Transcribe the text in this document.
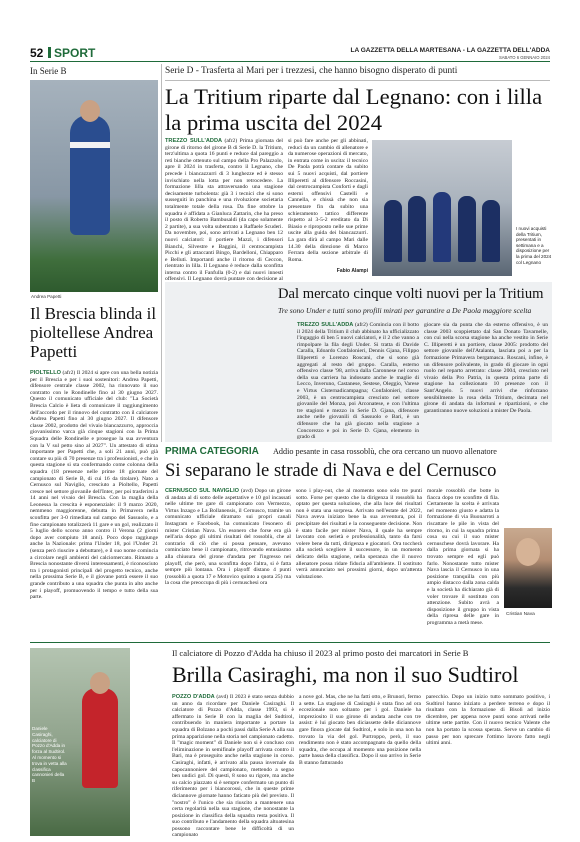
52 SPORT	LA GAZZETTA DELLA MARTESANA - LA GAZZETTA DELL'ADDA
SABATO 6 GENNAIO 2024
In Serie B
Andrea Papetti
Il Brescia blinda il pioltellese Andrea Papetti

PIOLTELLO (afr2) Il 2024 si apre con una bella notizia per il Brescia e per i suoi sostenitori: Andrea Papetti, difensore centrale classe 2002, ha rinnovato il suo contratto con le Rondinelle fino al 30 giugno 2027. Questo il comunicato ufficiale del club: "La Società Brescia Calcio è lieta di comunicare il raggiungimento dell'accordo per il rinnovo del contratto con il calciatore Andrea Papetti fino al 30 giugno 2027. Il difensore classe 2002, prodotto del vivaio biancazzurro, approccia giovanissimo varca già cinque stagioni con la Prima Squadra delle Rondinelle e prosegue la sua avventura con la V sul petto sino al 2027". Un attestato di stima importante per Papetti che, a soli 21 anni, può già contare su più di 70 presenze tra i professionisti, e che in questa stagione si sta confermando come colonna della squadra (18 presenze nelle prime 18 giornate del campionato di Serie B, di cui 16 da titolare). Nato a Cernusco sul Naviglio, cresciuto a Pioltello, Papetti cresce nel settore giovanile dell'Inter, per poi trasferirsi a 14 anni nel vivaio del Brescia. Con la maglia della Leonessa la crescita è esponenziale: il 9 marzo 2020, nemmeno maggiorenne, debutta in Primavera nella sconfitta per 3-0 rimediata sul campo del Sassuolo, e a fine campionato totalizzerà 11 gare e un gol, realizzato il 5 luglio dello scorso anno contro il Verona (2 giorni dopo aver compiuto 18 anni). Poco dopo raggiunge anche la Nazionale: prima l'Under 18, poi l'Under 21 (senza però riuscire a debuttare), e il suo nome comincia a circolare negli ambienti del calciomercato. Rimasto a Brescia nonostante diversi interessamenti, è riconosciuto tra i protagonisti principali del progetto tecnico, anche nella prossima Serie B, e il giovane potrà essere il suo grande contributo a una squadra che punta in alto anche per i playoff, promuovendo il tempo e tutto della sua parte.

Serie D - Trasferta al Mari per i trezzesi, che hanno bisogno disperato di punti
La Tritium riparte dal Legnano: con i lilla la prima uscita del 2024

TREZZO SULL'ADDA (afr2) Prima giornata del girone di ritorno del girone B di Serie D. la Tritium, terz'ultima a quota 16 punti e reduce dal pareggio a reti bianche ottenuto sul campo della Pro Palazzolo, apre il 2024 in trasferta, contro il Legnano, che precede i biancazzurri di 3 lunghezze ed è stesso invischiato nella lotta per non retrocedere. La formazione lilla sta attraversando una stagione decisamente turbolenta: già 3 i tecnici che si sono susseguiti in panchina e una rivoluzione societaria totalmente totale della rosa. Da fine ottobre la squadra è affidata a Gianluca Zattarin, che ha preso il posto di Roberto Bambusaldi (da capo solamente 2 partite), a sua volta subentrato a Raffaele Scuderi. Da novembre, poi, sono arrivati a Legnano ben 12 nuovi calciatori: il portiere Mazzi, i difensori Bianchi, Silvestre e Baggini, il centrocampista Picchi e gli attaccanti Bingo, Bardelloni, Chiapparo e Belluti. Importanti anche il ritorno di Ceccon, rientrato in lilla. Il Legnano è reduce dalla sconfitta interna contro il Fanfulla (0-2) e dai nuovi innesti offensivi. Il Legnano dovrà puntare con decisione al

si può fare anche per gli abbinati, reduci da un cambio di allenatore e da numerose operazioni di mercato, in entrata come in uscita: il tecnico De Paola potrà contare da subito sui 5 nuovi acquisti, dal portiere Illiperetti al difensore Roccasini, dal centrocampista Conforti e dagli esterni offensivi Castelli e Cannella, e chissà che non sia presentare fin da subito una schieramento tattico differente rispetto al 3-5-2 ereditato da Di Biasio e riproposto nelle sue prime uscite alla guida dei biancazzurri. La gara dirà al campo Mari dalle 14.30 della direzione di Marco Ferrara della sezione arbitrale di Roma.

Fabio Alampi
I nuovi acquisti della Tritium, presentati in settimana e a disposizione per la prima del 2024 col Legnano
Dal mercato cinque volti nuovi per la Tritium
Tre sono Under e tutti sono profili mirati per garantire a De Paola maggiore scelta

TREZZO SULL'ADDA (afr2) Comincia con il botto il 2024 della Tritium il club abbinato ha ufficializzato l'ingaggio di ben 5 nuovi calciatori, e il 2 che vanno a rimpolpare la fila degli Under. Si tratta di Davide Caralla, Edoardo Confalonieri, Dennis Gjana, Filippo Illiperetti e Lorenzo Roscani, che si sono già aggregati al resto del gruppo. Caralla, esterno offensivo classe '98, arriva dalla Caronnese nel corso della sua carriera ha indossato anche le maglie di Lecco, Inveruno, Castanese, Sestese, Oleggio, Varese e Virtus Cisternadicampagna; Confalonieri, classe 2003, è un centrocampista cresciuto nel settore giovanile del Monza, poi Arconatese, e con l'ultima tre stagioni e mezzo in Serie D. Gjana, difensore anche nelle giovanili di Sassuolo e Bari, è un difensore che ha già giocato nella stagione a Concorezzo e poi in Serie D. Gjana, elemento in grado di

giocare sia da punta che da esterno offensivo, è un classe 2003 scoppiettato dal San Donato Tavarnelle, con cui nella scorsa stagione ha anche vestito in Serie C. Illiperetti è un portiere, classe 2005: prodotto del settore giovanile dell'Atalanta, lasciata poi a per la formazione Primavera bergamasca. Roscani, infine, è un difensore polivalente, in grado di giocare in ogni ruolo nel reparto arretrato: classe 2004, cresciuto nel vivaio della Pro Patria, in questa prima parte di stagione ha collezionato 10 presenze con il Sant'Angelo. 5 nuovi arrivi che rinforzano sensibilmente la rosa della Tritium, decimata nel girone di andata da infortuni e ripartizioni, e che garantiranno nuove soluzioni a mister De Paola.

PRIMA CATEGORIA Addio pesante in casa rossoblù, che ora cercano un nuovo allenatore
Si separano le strade di Nava e del Cernusco

CERNUSCO SUL NAVIGLIO (avd) Dopo un girone di andata al di sotto delle aspettative e 10 gol incassati nelle ultime tre gare di campionato con Vermezzo, Virtus Inzago e La Bollanensis, il Cernusco, tramite un comunicato ufficiale diramato sui propri canali Instagram e Facebook, ha comunicato l'esonero di mister Cristian Nava. Un esonero che forse era già nell'aria dopo gli ultimi risultati del rossoblù, che al contrario di ciò che si possa pensare, avevano cominciato bene il campionato, ritrovando entusiasmo alla chiusura del girone d'andata per l'ingresso nei playoff, che però, una sconfitta dopo l'altra, si è fatta sempre più lontana. Ora i playoff distano 4 punti (rossoblù a quota 17 e Motovico quinto a quota 25) ma la cosa che preoccupa di più i cernuschesi ora

sono i play-out, che al momento sono solo tre punti sotto. Forse per questo che la dirigenza il rossoblù ha optato per questa soluzione, che alla luce dei risultati non è stata una sorpresa. Arrivato nell'estate del 2022, Nava aveva iniziato bene la sua avventura, poi il precipitare dei risultati e la conseguente decisione. Non è stato facile per mister Nava, il quale ha sempre lavorato con serietà e professionalità, tanto da farsi volere bene da tutti, dirigenza e giocatori. Ora toccherà alla società scegliere il successore, in un momento delicato della stagione, nella speranza che il nuovo allenatore possa ridare fiducia all'ambiente. Il sostituto verrà annunciato nei prossimi giorni, dopo un'attenta valutazione.

morale rossoblù che botte in fiacca dopo tre sconfitte di fila. Certamente la scelta è arrivata nel momento giusto e adatta la formazione di via Buonarroti a riscattare le pile in vista del ritorno, in cui la squadra prima cosa su cui il suo mister cernuschese dovrà lavorare. Ha dalla prima giornata si ha trovato sempre ed egli può farlo. Nonostante tutto mister Nava lascia il Cernusco in una posizione tranquilla con più ampio distacco dalla zona calda e la società ha dichiarato già di voler trovare il sostituto con attenzione. Subito avrà a disposizione il gruppo in vista della ripresa delle gare in programma a metà mese.

Cristian Nava
Daniele Casiraghi, calciatore di Pozzo d'Adda in forza al Sudtirol. Al momento si trova in vetta alla classifica cannonieri della B
Il calciatore di Pozzo d'Adda ha chiuso il 2023 al primo posto dei marcatori in Serie B
Brilla Casiraghi, ma non il suo Sudtirol

POZZO D'ADDA (avd) Il 2023 è stato senza dubbio un anno da ricordare per Daniele Casiraghi. Il calciatore di Pozzo d'Adda, classe 1993, si è affermato in Serie B con la maglia del Sudtirol, contribuendo in maniera importante a portare la squadra di Bolzano a pochi passi dalla Serie A alla sua prima apparizione nella storia nel campionato cadetto. Il "magic moment" di Daniele non si è concluso con l'eliminazione in semifinale playoff arrivata contro il Bari, ma è proseguito anche nella stagione in corso. Casiraghi, infatti, è arrivato alla pausa invernale da capocannoniere del campionato, mettendo a segno ben undici gol. Di questi, 8 sono su rigore, ma anche su calcio piazzato si è sempre confermato un punto di riferimento per i biancorossi, che in queste prime diciannove giornate hanno faticato più del previsto. Il "nostro" è l'unico che sia riuscito a mantenere una certa regolarità nella sua stagione, che nonostante la posizione in classifica della squadra resta positiva. Il suo contributo e l'andamento della squadra altoatesina possono raccontare bene le difficoltà di un campionato

a nove gol. Mas, che ne ha fatti otto, e Brunori, fermo a sette. La stagione di Casiraghi è stata fino ad ora eccezionale non soltanto per i gol. Daniele ha impreziosito il suo girone di andata anche con tre assist: è lui giocato ben diciassette delle diciannove gare finora giocate dal Sudtirol, e solo in una non ha trovato la via del gol. Purtroppo, però, il suo rendimento non è stato accompagnato da quello della squadra, che occupa al momento una posizione nella parte bassa della classifica. Dopo il suo arrivo in Serie B stanno fatturando

parecchio. Dopo un inizio tutto sommato positivo, i Sudtirol hanno iniziato a perdere terreno e dopo il risultato con la formazione di Bisoli ad inizio dicembre, per appena nove punti sono arrivati nelle ultime sette partite. Con il nuovo tecnico Valente che non ha portato la scossa sperata. Serve un cambio di passo per non sprecare l'ottimo lavoro fatto negli ultimi anni.
